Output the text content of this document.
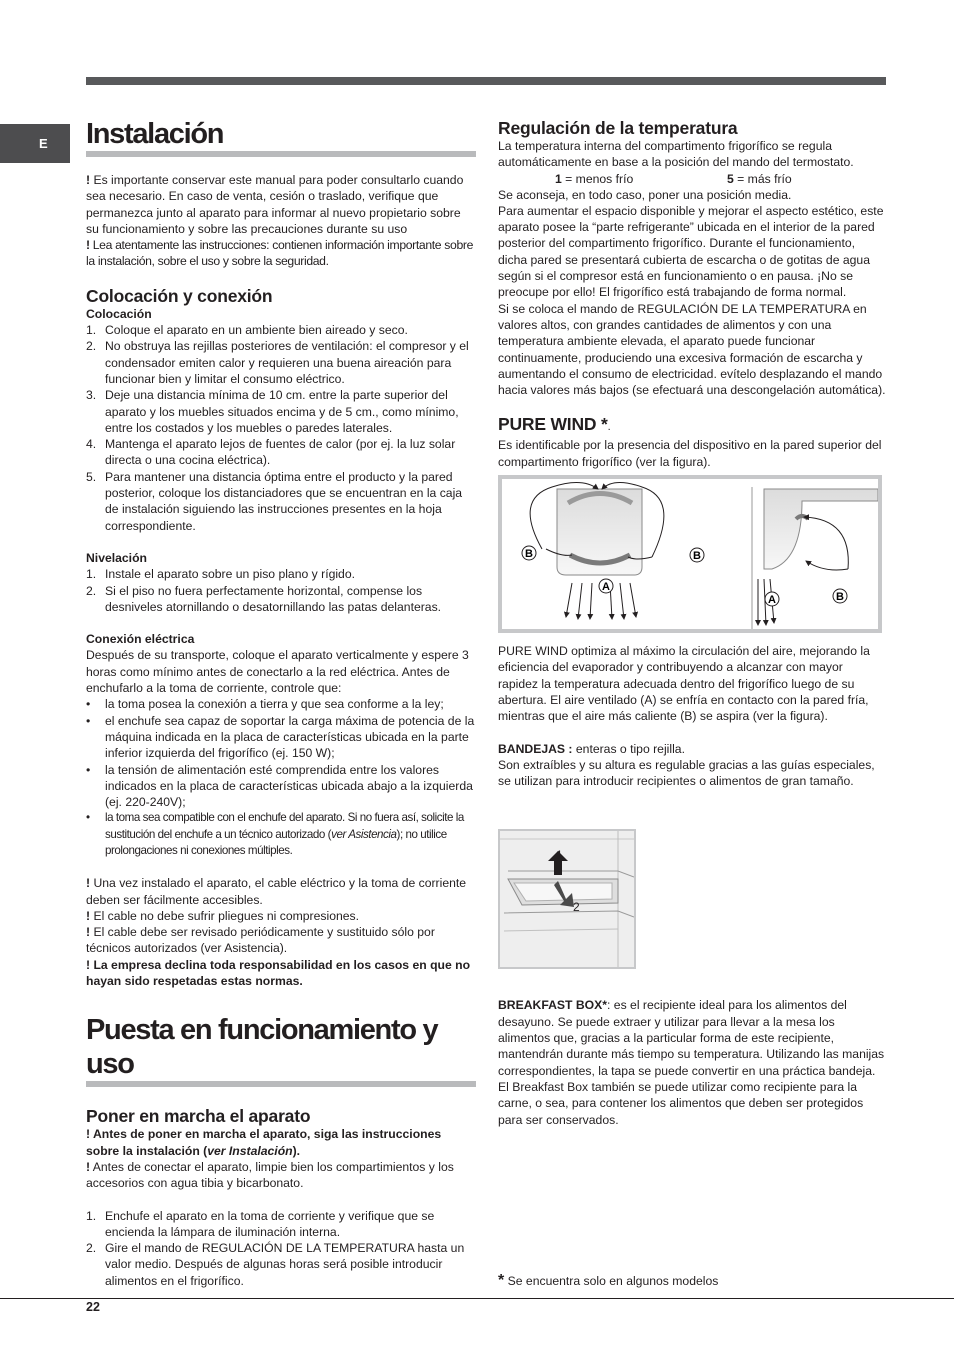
E Instalación

! Es importante conservar este manual para poder consultarlo cuando sea necesario. En caso de venta, cesión o traslado, verifique que permanezca junto al aparato para informar al nuevo propietario sobre su funcionamiento y sobre las precauciones durante su uso

! Lea atentamente las instrucciones: contienen información importante sobre la instalación, sobre el uso y sobre la seguridad.

Colocación y conexión
Colocación
1. Coloque el aparato en un ambiente bien aireado y seco.
2. No obstruya las rejillas posteriores de ventilación: el compresor y el condensador emiten calor y requieren una buena aireación para funcionar bien y limitar el consumo eléctrico.
3. Deje una distancia mínima de 10 cm. entre la parte superior del aparato y los muebles situados encima y de 5 cm., como mínimo, entre los costados y los muebles o paredes laterales.
4. Mantenga el aparato lejos de fuentes de calor (por ej. la luz solar directa o una cocina eléctrica).
5. Para mantener una distancia óptima entre el producto y la pared posterior, coloque los distanciadores que se encuentran en la caja de instalación siguiendo las instrucciones presentes en la hoja correspondiente.
Nivelación
1. Instale el aparato sobre un piso plano y rígido.
2. Si el piso no fuera perfectamente horizontal, compense los desniveles atornillando o desatornillando las patas delanteras.
Conexión eléctrica

Después de su transporte, coloque el aparato verticalmente y espere 3 horas como mínimo antes de conectarlo a la red eléctrica. Antes de enchufarlo a la toma de corriente, controle que:

• la toma posea la conexión a tierra y que sea conforme a la ley;
• el enchufe sea capaz de soportar la carga máxima de potencia de la máquina indicada en la placa de características ubicada en la parte inferior izquierda del frigorífico (ej. 150 W);
• la tensión de alimentación esté comprendida entre los valores indicados en la placa de características ubicada abajo a la izquierda (ej. 220-240V);
• la toma sea compatible con el enchufe del aparato. Si no fuera así, solicite la sustitución del enchufe a un técnico autorizado (ver Asistencia); no utilice prolongaciones ni conexiones múltiples.

! Una vez instalado el aparato, el cable eléctrico y la toma de corriente deben ser fácilmente accesibles.

! El cable no debe sufrir pliegues ni compresiones.

! El cable debe ser revisado periódicamente y sustituido sólo por técnicos autorizados (ver Asistencia).

! La empresa declina toda responsabilidad en los casos en que no hayan sido respetadas estas normas.

Puesta en funcionamiento y uso
Poner en marcha el aparato

! Antes de poner en marcha el aparato, siga las instrucciones sobre la instalación (ver Instalación).

! Antes de conectar el aparato, limpie bien los compartimientos y los accesorios con agua tibia y bicarbonato.

1. Enchufe el aparato en la toma de corriente y verifique que se encienda la lámpara de iluminación interna.
2. Gire el mando de REGULACIÓN DE LA TEMPERATURA hasta un valor medio. Después de algunas horas será posible introducir alimentos en el frigorífico.
Regulación de la temperatura

La temperatura interna del compartimento frigorífico se regula automáticamente en base a la posición del mando del termostato.

1 = menos frío	5 = más frío

Se aconseja, en todo caso, poner una posición media.

Para aumentar el espacio disponible y mejorar el aspecto estético, este aparato posee la “parte refrigerante” ubicada en el interior de la pared posterior del compartimento frigorífico. Durante el funcionamiento, dicha pared se presentará cubierta de escarcha o de gotitas de agua según si el compresor está en funcionamiento o en pausa. ¡No se preocupe por ello! El frigorífico está trabajando de forma normal.

Si se coloca el mando de REGULACIÓN DE LA TEMPERATURA en valores altos, con grandes cantidades de alimentos y con una temperatura ambiente elevada, el aparato puede funcionar continuamente, produciendo una excesiva formación de escarcha y aumentando el consumo de electricidad. evítelo desplazando el mando hacia valores más bajos (se efectuará una descongelación automática).

PURE WIND *.

Es identificable por la presencia del dispositivo en la pared superior del compartimento frigorífico (ver la figura).

B	B
A
A	B

PURE WIND optimiza al máximo la circulación del aire, mejorando la eficiencia del evaporador y contribuyendo a alcanzar con mayor rapidez la temperatura adecuada dentro del frigorífico luego de su abertura. El aire ventilado (A) se enfría en contacto con la pared fría, mientras que el aire más caliente (B) se aspira (ver la figura).

BANDEJAS : enteras o tipo rejilla.

Son extraíbles y su altura es regulable gracias a las guías especiales, se utilizan para introducir recipientes o alimentos de gran tamaño.

1
2

BREAKFAST BOX*: es el recipiente ideal para los alimentos del desayuno. Se puede extraer y utilizar para llevar a la mesa los alimentos que, gracias a la particular forma de este recipiente, mantendrán durante más tiempo su temperatura. Utilizando las manijas correspondientes, la tapa se puede convertir en una práctica bandeja. El Breakfast Box también se puede utilizar como recipiente para la carne, o sea, para contener los alimentos que deben ser protegidos para ser conservados.

* Se encuentra solo en algunos modelos
22
